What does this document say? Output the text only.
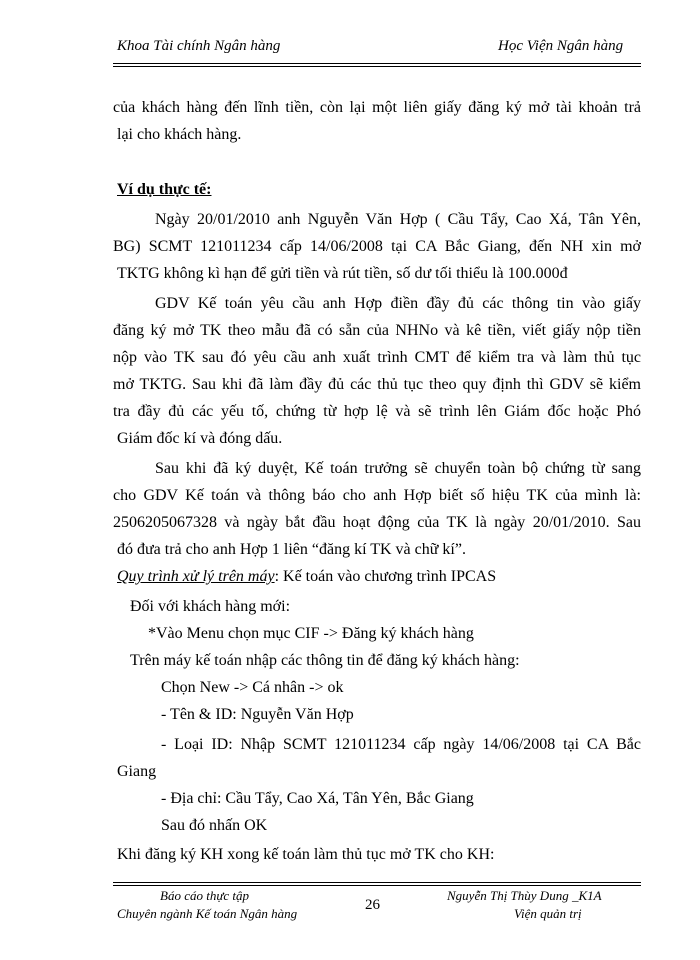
Khoa Tài chính Ngân hàng	Học Viện Ngân hàng
của khách hàng đến lĩnh tiền, còn lại một liên giấy đăng ký mở tài khoản trả
lại cho khách hàng.
Ví dụ thực tế:
Ngày 20/01/2010 anh Nguyễn Văn Hợp ( Cầu Tẩy, Cao Xá, Tân Yên,
BG) SCMT 121011234 cấp 14/06/2008 tại CA Bắc Giang, đến NH xin mở
TKTG không kì hạn để gửi tiền và rút tiền, số dư tối thiểu là 100.000đ
GDV Kế toán yêu cầu anh Hợp điền đầy đủ các thông tin vào giấy
đăng ký mở TK theo mẫu đã có sẵn của NHNo và kê tiền, viết giấy nộp tiền
nộp vào TK sau đó yêu cầu anh xuất trình CMT để kiểm tra và làm thủ tục
mở TKTG. Sau khi đã làm đầy đủ các thủ tục theo quy định thì GDV sẽ kiểm
tra đầy đủ các yếu tố, chứng từ hợp lệ và sẽ trình lên Giám đốc hoặc Phó
Giám đốc kí và đóng dấu.
Sau khi đã ký duyệt, Kế toán trưởng sẽ chuyển toàn bộ chứng từ sang
cho GDV Kế toán và thông báo cho anh Hợp biết số hiệu TK của mình là:
2506205067328 và ngày bắt đầu hoạt động của TK là ngày 20/01/2010. Sau
đó đưa trả cho anh Hợp 1 liên “đăng kí TK và chữ kí”.
Quy trình xử lý trên máy: Kế toán vào chương trình IPCAS
Đối với khách hàng mới:
*Vào Menu chọn mục CIF -> Đăng ký khách hàng
Trên máy kế toán nhập các thông tin để đăng ký khách hàng:
Chọn New -> Cá nhân -> ok
- Tên & ID: Nguyễn Văn Hợp
- Loại ID: Nhập SCMT 121011234 cấp ngày 14/06/2008 tại CA Bắc
Giang
- Địa chỉ: Cầu Tẩy, Cao Xá, Tân Yên, Bắc Giang
Sau đó nhấn OK
Khi đăng ký KH xong kế toán làm thủ tục mở TK cho KH:
Báo cáo thực tập
Chuyên ngành Kế toán Ngân hàng
26
Nguyễn Thị Thùy Dung _K1A
Viện quản trị
